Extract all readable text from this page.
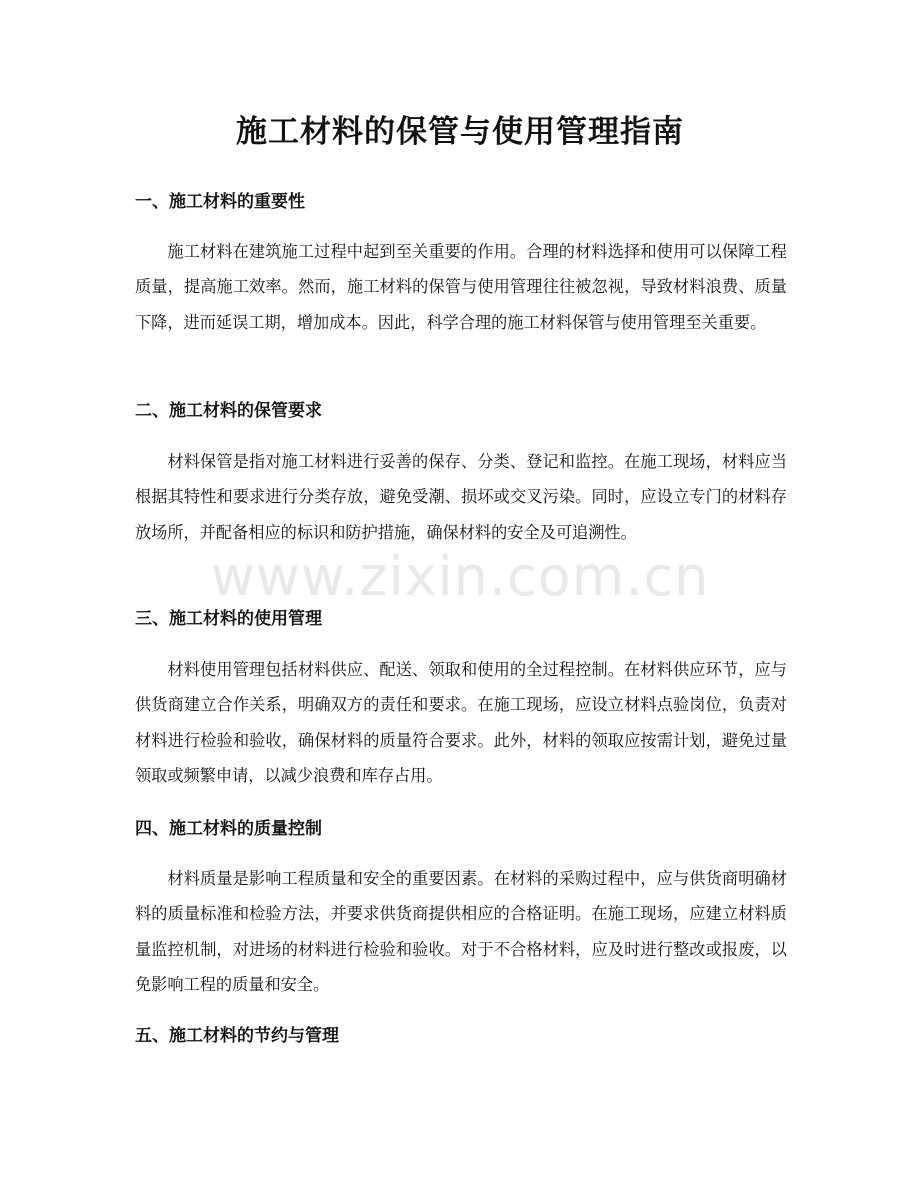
施工材料的保管与使用管理指南
一、施工材料的重要性

施工材料在建筑施工过程中起到至关重要的作用。合理的材料选择和使用可以保障工程质量，提高施工效率。然而，施工材料的保管与使用管理往往被忽视，导致材料浪费、质量下降，进而延误工期，增加成本。因此，科学合理的施工材料保管与使用管理至关重要。

二、施工材料的保管要求

材料保管是指对施工材料进行妥善的保存、分类、登记和监控。在施工现场，材料应当根据其特性和要求进行分类存放，避免受潮、损坏或交叉污染。同时，应设立专门的材料存放场所，并配备相应的标识和防护措施，确保材料的安全及可追溯性。

三、施工材料的使用管理

材料使用管理包括材料供应、配送、领取和使用的全过程控制。在材料供应环节，应与供货商建立合作关系，明确双方的责任和要求。在施工现场，应设立材料点验岗位，负责对材料进行检验和验收，确保材料的质量符合要求。此外，材料的领取应按需计划，避免过量领取或频繁申请，以减少浪费和库存占用。

四、施工材料的质量控制

材料质量是影响工程质量和安全的重要因素。在材料的采购过程中，应与供货商明确材料的质量标准和检验方法，并要求供货商提供相应的合格证明。在施工现场，应建立材料质量监控机制，对进场的材料进行检验和验收。对于不合格材料，应及时进行整改或报废，以免影响工程的质量和安全。

五、施工材料的节约与管理
www.zixin.com.cn
